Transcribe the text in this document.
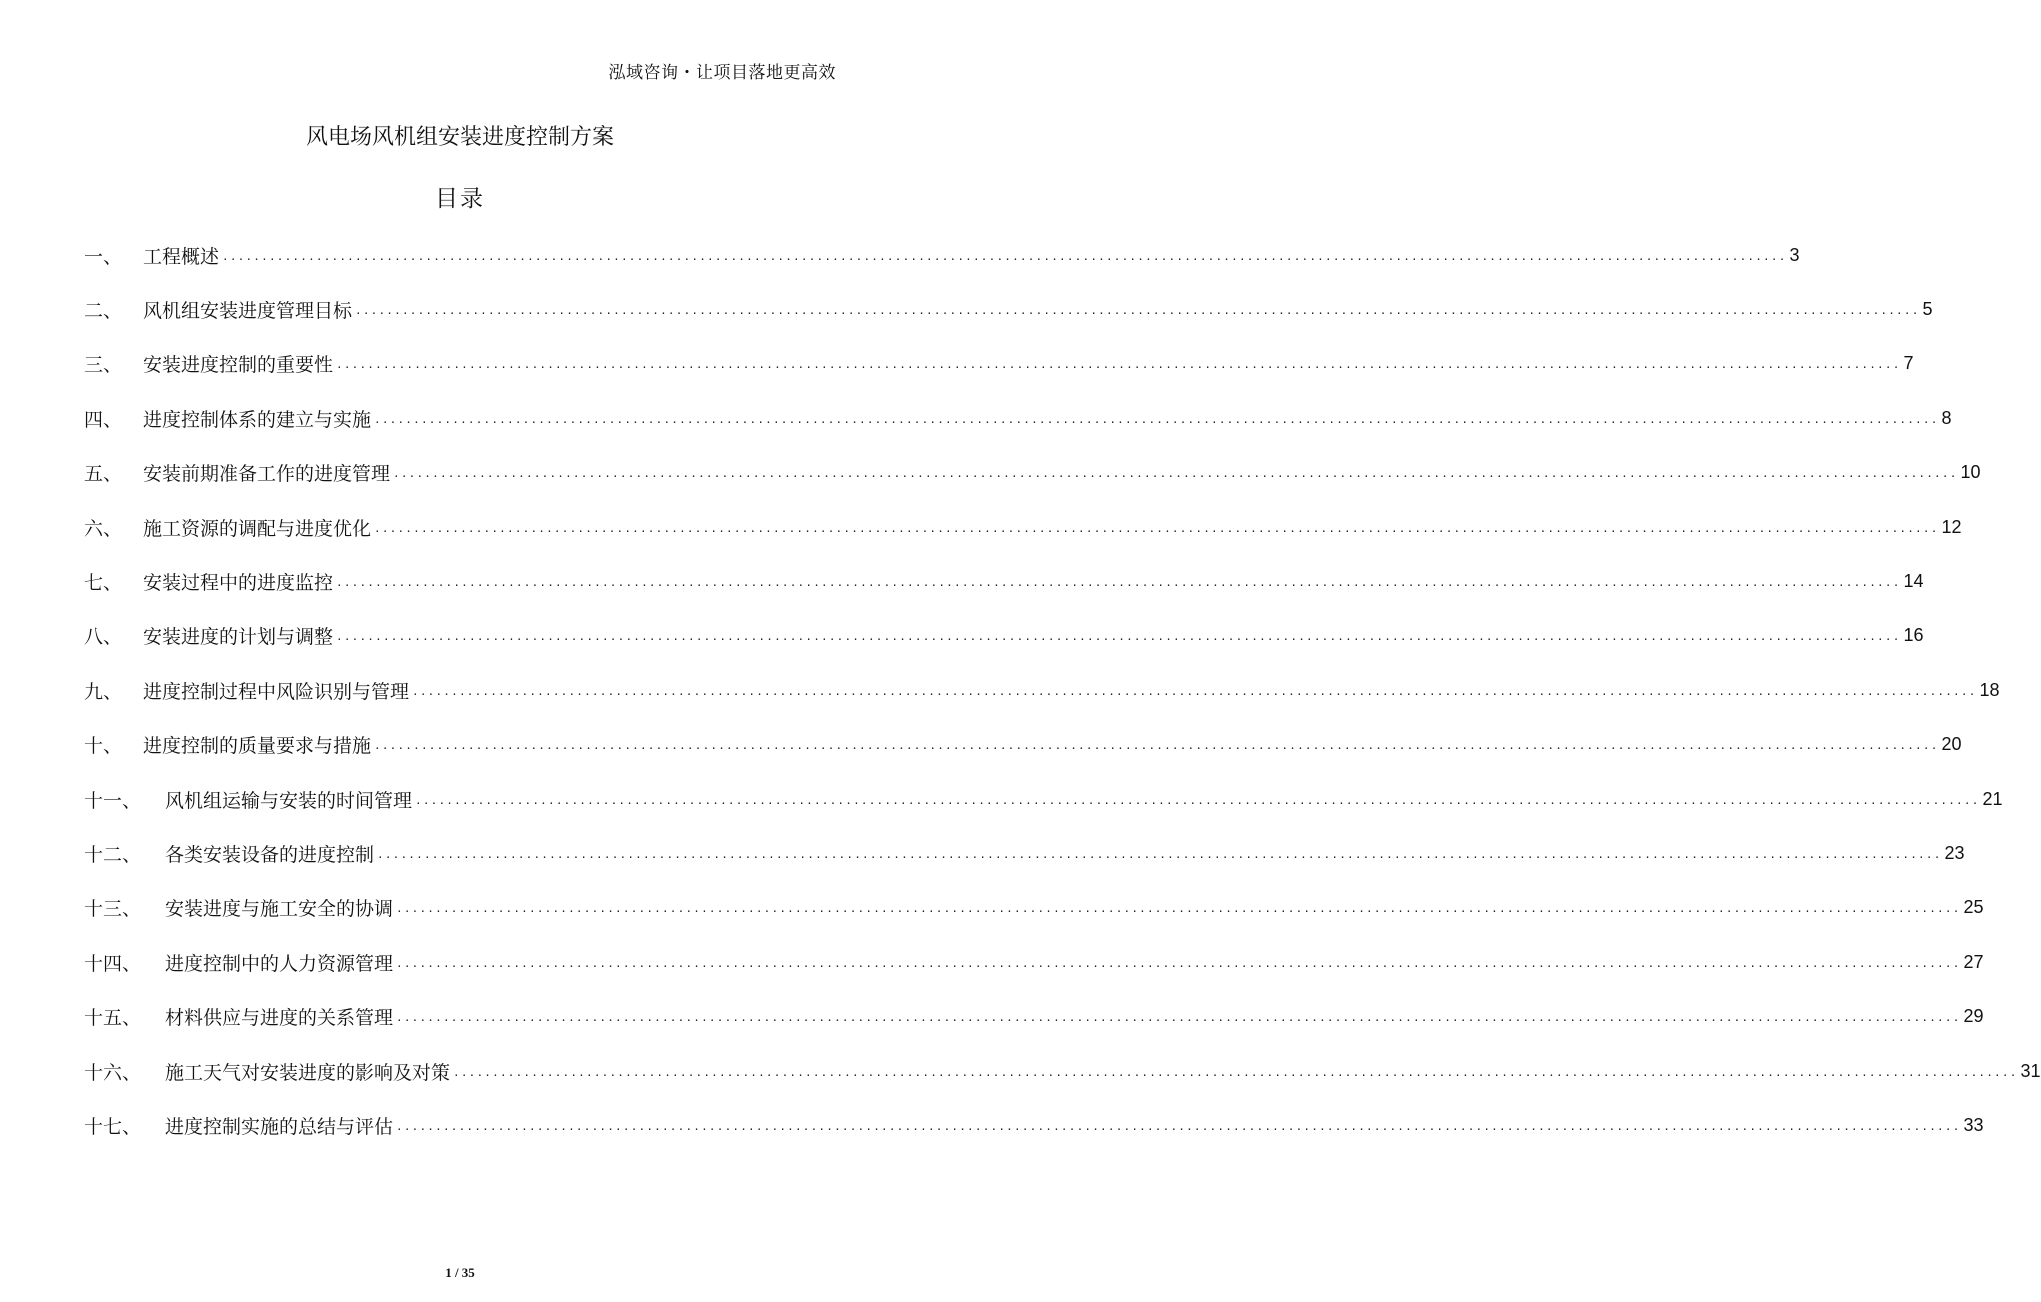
泓域咨询・让项目落地更高效
风电场风机组安装进度控制方案
目录
一、	工程概述 ........................................................................................................................................................................................................ 3
二、	风机组安装进度管理目标 ........................................................................................................................................................................................................ 5
三、	安装进度控制的重要性 ........................................................................................................................................................................................................ 7
四、	进度控制体系的建立与实施 ........................................................................................................................................................................................................ 8
五、	安装前期准备工作的进度管理 ........................................................................................................................................................................................................ 10
六、	施工资源的调配与进度优化 ........................................................................................................................................................................................................ 12
七、	安装过程中的进度监控 ........................................................................................................................................................................................................ 14
八、	安装进度的计划与调整 ........................................................................................................................................................................................................ 16
九、	进度控制过程中风险识别与管理 ........................................................................................................................................................................................................ 18
十、	进度控制的质量要求与措施 ........................................................................................................................................................................................................ 20
十一、	风机组运输与安装的时间管理 ........................................................................................................................................................................................................ 21
十二、	各类安装设备的进度控制 ........................................................................................................................................................................................................ 23
十三、	安装进度与施工安全的协调 ........................................................................................................................................................................................................ 25
十四、	进度控制中的人力资源管理 ........................................................................................................................................................................................................ 27
十五、	材料供应与进度的关系管理 ........................................................................................................................................................................................................ 29
十六、	施工天气对安装进度的影响及对策 ........................................................................................................................................................................................................ 31
十七、	进度控制实施的总结与评估 ........................................................................................................................................................................................................ 33
1 / 35
